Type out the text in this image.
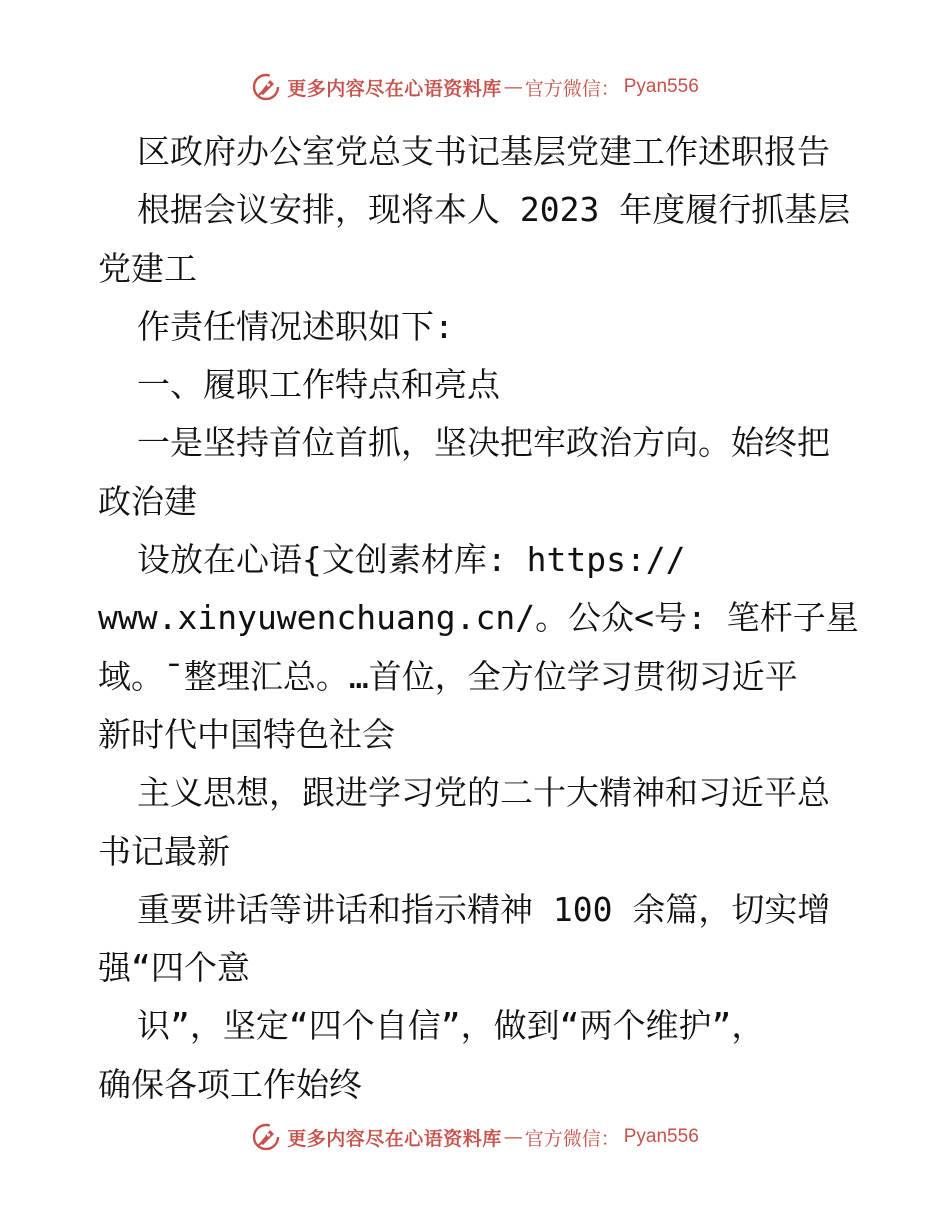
更多内容尽在心语资料库 — 官方微信： Pyan556

区政府办公室党总支书记基层党建工作述职报告

根据会议安排，现将本人 2023 年度履行抓基层

党建工

作责任情况述职如下:

一、履职工作特点和亮点

一是坚持首位首抓，坚决把牢政治方向。始终把

政治建

设放在心语{文创素材库: https://

www.xinyuwenchuang.cn/。公众<号: 笔杆子星

域。¯整理汇总。…首位，全方位学习贯彻习近平

新时代中国特色社会

主义思想，跟进学习党的二十大精神和习近平总

书记最新

重要讲话等讲话和指示精神 100 余篇，切实增

强“四个意

识”，坚定“四个自信”，做到“两个维护”，

确保各项工作始终

更多内容尽在心语资料库 — 官方微信： Pyan556
